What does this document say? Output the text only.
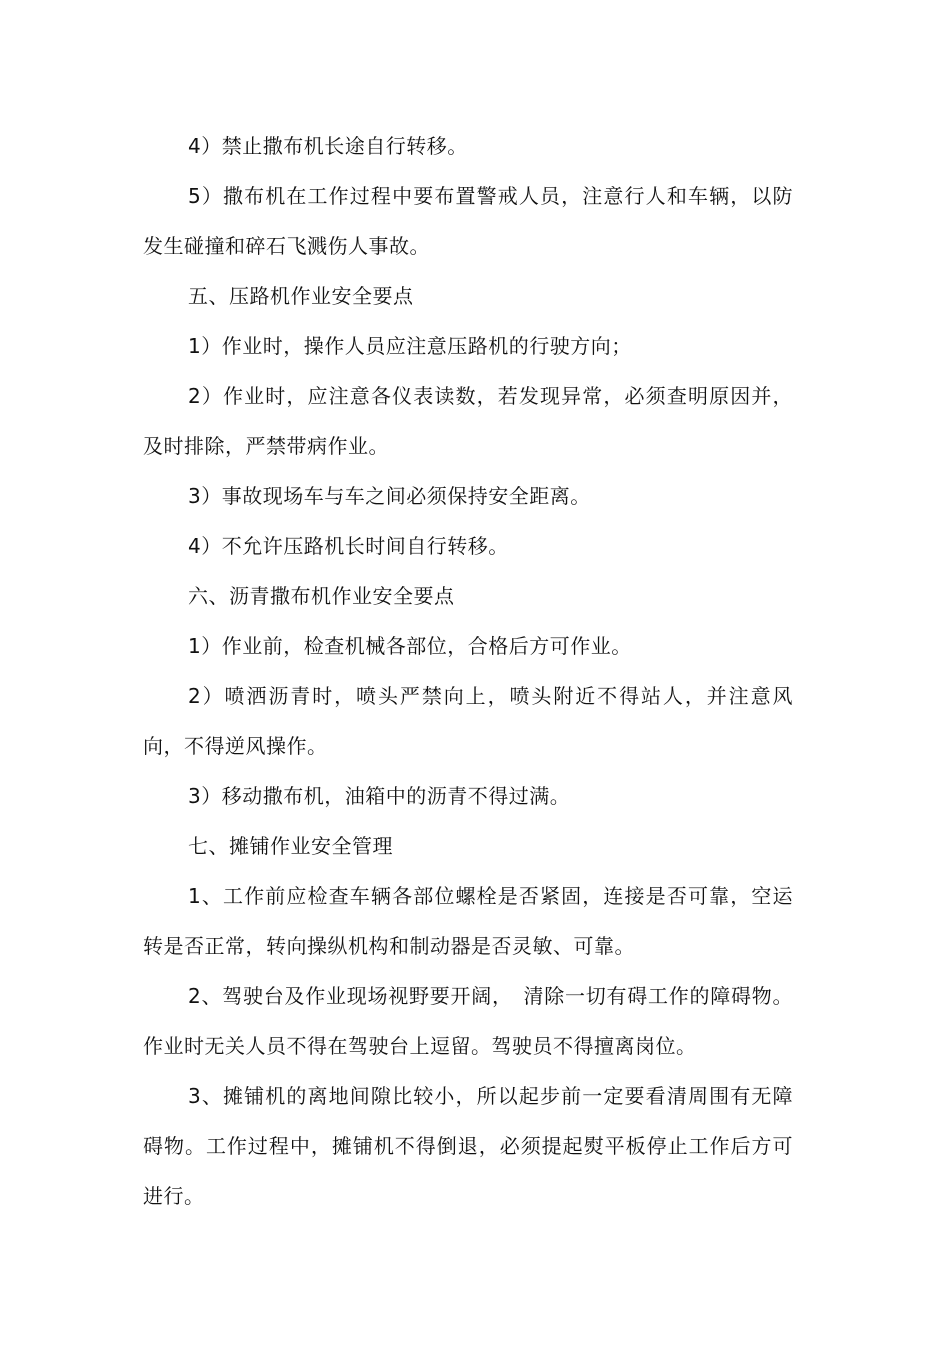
4）禁止撒布机长途自行转移。

5）撒布机在工作过程中要布置警戒人员，注意行人和车辆，以防发生碰撞和碎石飞溅伤人事故。

五、压路机作业安全要点

1）作业时，操作人员应注意压路机的行驶方向；

2）作业时，应注意各仪表读数，若发现异常，必须查明原因并，及时排除，严禁带病作业。

3）事故现场车与车之间必须保持安全距离。

4）不允许压路机长时间自行转移。

六、沥青撒布机作业安全要点

1）作业前，检查机械各部位，合格后方可作业。

2）喷洒沥青时，喷头严禁向上，喷头附近不得站人，并注意风向，不得逆风操作。

3）移动撒布机，油箱中的沥青不得过满。

七、摊铺作业安全管理

1、工作前应检查车辆各部位螺栓是否紧固，连接是否可靠，空运转是否正常，转向操纵机构和制动器是否灵敏、可靠。

2、驾驶台及作业现场视野要开阔，　清除一切有碍工作的障碍物。作业时无关人员不得在驾驶台上逗留。驾驶员不得擅离岗位。

3、摊铺机的离地间隙比较小，所以起步前一定要看清周围有无障碍物。工作过程中，摊铺机不得倒退，必须提起熨平板停止工作后方可进行。
